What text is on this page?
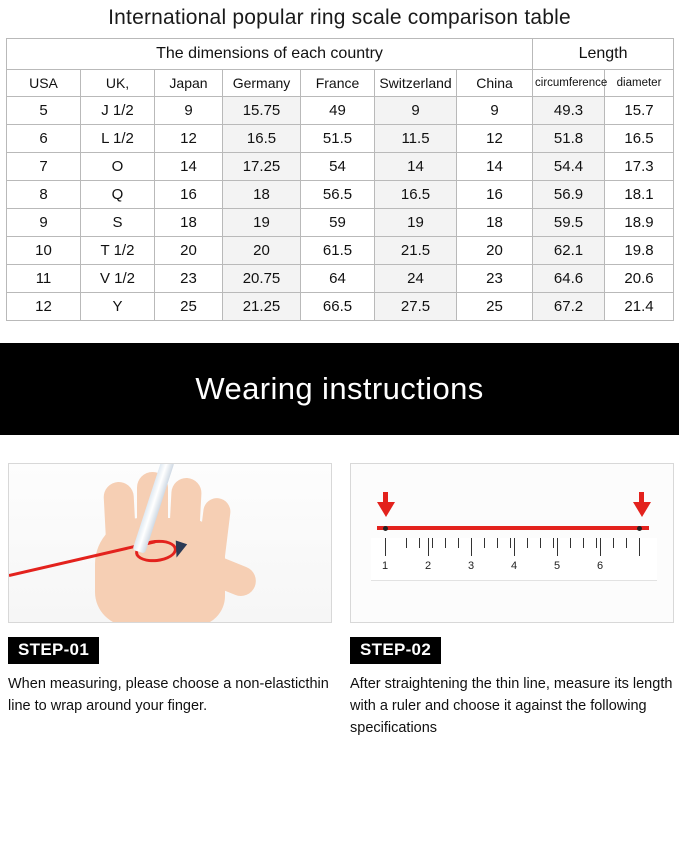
International popular ring scale comparison table
The dimensions of each country							Length	
USA	UK,	Japan	Germany	France	Switzerland	China	circumference	diameter
5	J 1/2	9	15.75	49	9	9	49.3	15.7
6	L 1/2	12	16.5	51.5	11.5	12	51.8	16.5
7	O	14	17.25	54	14	14	54.4	17.3
8	Q	16	18	56.5	16.5	16	56.9	18.1
9	S	18	19	59	19	18	59.5	18.9
10	T 1/2	20	20	61.5	21.5	20	62.1	19.8
11	V 1/2	23	20.75	64	24	23	64.6	20.6
12	Y	25	21.25	66.5	27.5	25	67.2	21.4
Wearing instructions
STEP-01
When measuring, please choose a non-elasticthin line to wrap around your finger.
1	2	3	4	5	6
STEP-02
After straightening the thin line, measure its length with a ruler and choose it against the following specifications
